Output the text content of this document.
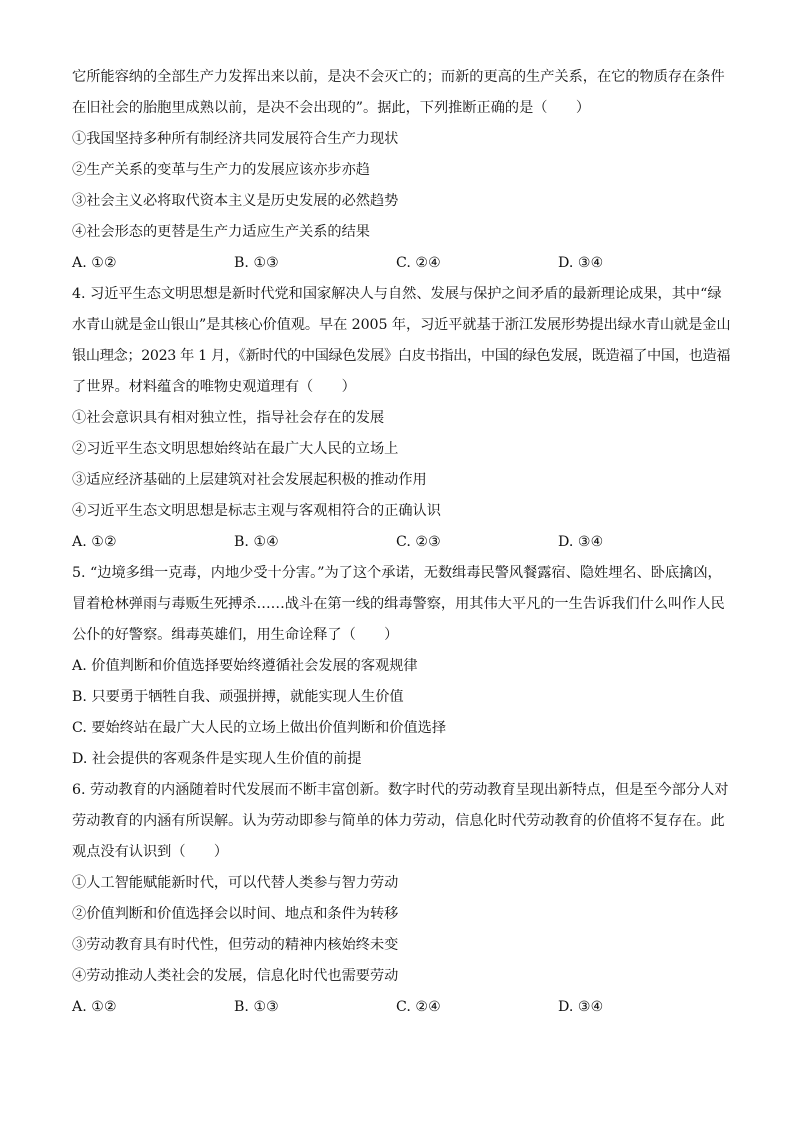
它所能容纳的全部生产力发挥出来以前，是决不会灭亡的；而新的更高的生产关系，在它的物质存在条件
在旧社会的胎胞里成熟以前，是决不会出现的”。据此，下列推断正确的是（　　）
①我国坚持多种所有制经济共同发展符合生产力现状
②生产关系的变革与生产力的发展应该亦步亦趋
③社会主义必将取代资本主义是历史发展的必然趋势
④社会形态的更替是生产力适应生产关系的结果
A. ①②	B. ①③	C. ②④	D. ③④
4. 习近平生态文明思想是新时代党和国家解决人与自然、发展与保护之间矛盾的最新理论成果，其中“绿
水青山就是金山银山”是其核心价值观。早在 2005 年，习近平就基于浙江发展形势提出绿水青山就是金山
银山理念；2023 年 1 月，《新时代的中国绿色发展》白皮书指出，中国的绿色发展，既造福了中国，也造福
了世界。材料蕴含的唯物史观道理有（　　）
①社会意识具有相对独立性，指导社会存在的发展
②习近平生态文明思想始终站在最广大人民的立场上
③适应经济基础的上层建筑对社会发展起积极的推动作用
④习近平生态文明思想是标志主观与客观相符合的正确认识
A. ①②	B. ①④	C. ②③	D. ③④
5. “边境多缉一克毒，内地少受十分害。”为了这个承诺，无数缉毒民警风餐露宿、隐姓埋名、卧底擒凶，
冒着枪林弹雨与毒贩生死搏杀……战斗在第一线的缉毒警察，用其伟大平凡的一生告诉我们什么叫作人民
公仆的好警察。缉毒英雄们，用生命诠释了（　　）
A. 价值判断和价值选择要始终遵循社会发展的客观规律
B. 只要勇于牺牲自我、顽强拼搏，就能实现人生价值
C. 要始终站在最广大人民的立场上做出价值判断和价值选择
D. 社会提供的客观条件是实现人生价值的前提
6. 劳动教育的内涵随着时代发展而不断丰富创新。数字时代的劳动教育呈现出新特点，但是至今部分人对
劳动教育的内涵有所误解。认为劳动即参与简单的体力劳动，信息化时代劳动教育的价值将不复存在。此
观点没有认识到（　　）
①人工智能赋能新时代，可以代替人类参与智力劳动
②价值判断和价值选择会以时间、地点和条件为转移
③劳动教育具有时代性，但劳动的精神内核始终未变
④劳动推动人类社会的发展，信息化时代也需要劳动
A. ①②	B. ①③	C. ②④	D. ③④
